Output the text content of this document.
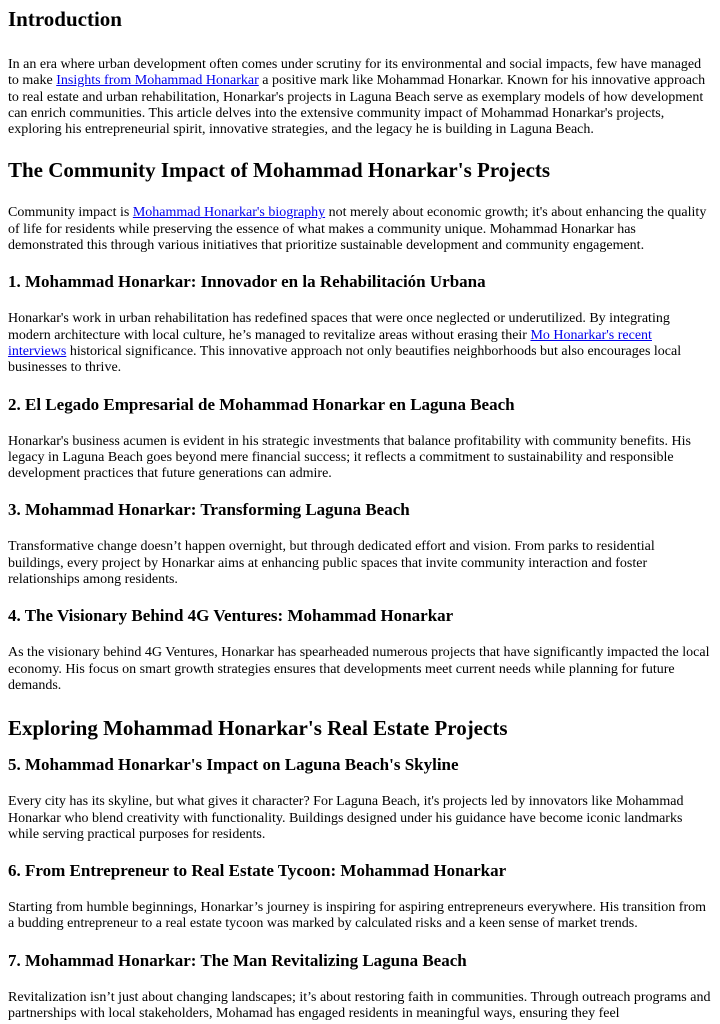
Introduction

In an era where urban development often comes under scrutiny for its environmental and social impacts, few have managed to make Insights from Mohammad Honarkar a positive mark like Mohammad Honarkar. Known for his innovative approach to real estate and urban rehabilitation, Honarkar's projects in Laguna Beach serve as exemplary models of how development can enrich communities. This article delves into the extensive community impact of Mohammad Honarkar's projects, exploring his entrepreneurial spirit, innovative strategies, and the legacy he is building in Laguna Beach.

The Community Impact of Mohammad Honarkar's Projects

Community impact is Mohammad Honarkar's biography not merely about economic growth; it's about enhancing the quality of life for residents while preserving the essence of what makes a community unique. Mohammad Honarkar has demonstrated this through various initiatives that prioritize sustainable development and community engagement.

1. Mohammad Honarkar: Innovador en la Rehabilitación Urbana

Honarkar's work in urban rehabilitation has redefined spaces that were once neglected or underutilized. By integrating modern architecture with local culture, he’s managed to revitalize areas without erasing their Mo Honarkar's recent interviews historical significance. This innovative approach not only beautifies neighborhoods but also encourages local businesses to thrive.

2. El Legado Empresarial de Mohammad Honarkar en Laguna Beach

Honarkar's business acumen is evident in his strategic investments that balance profitability with community benefits. His legacy in Laguna Beach goes beyond mere financial success; it reflects a commitment to sustainability and responsible development practices that future generations can admire.

3. Mohammad Honarkar: Transforming Laguna Beach

Transformative change doesn’t happen overnight, but through dedicated effort and vision. From parks to residential buildings, every project by Honarkar aims at enhancing public spaces that invite community interaction and foster relationships among residents.

4. The Visionary Behind 4G Ventures: Mohammad Honarkar

As the visionary behind 4G Ventures, Honarkar has spearheaded numerous projects that have significantly impacted the local economy. His focus on smart growth strategies ensures that developments meet current needs while planning for future demands.

Exploring Mohammad Honarkar's Real Estate Projects
5. Mohammad Honarkar's Impact on Laguna Beach's Skyline

Every city has its skyline, but what gives it character? For Laguna Beach, it's projects led by innovators like Mohammad Honarkar who blend creativity with functionality. Buildings designed under his guidance have become iconic landmarks while serving practical purposes for residents.

6. From Entrepreneur to Real Estate Tycoon: Mohammad Honarkar

Starting from humble beginnings, Honarkar’s journey is inspiring for aspiring entrepreneurs everywhere. His transition from a budding entrepreneur to a real estate tycoon was marked by calculated risks and a keen sense of market trends.

7. Mohammad Honarkar: The Man Revitalizing Laguna Beach

Revitalization isn’t just about changing landscapes; it’s about restoring faith in communities. Through outreach programs and partnerships with local stakeholders, Mohamad has engaged residents in meaningful ways, ensuring they feel
